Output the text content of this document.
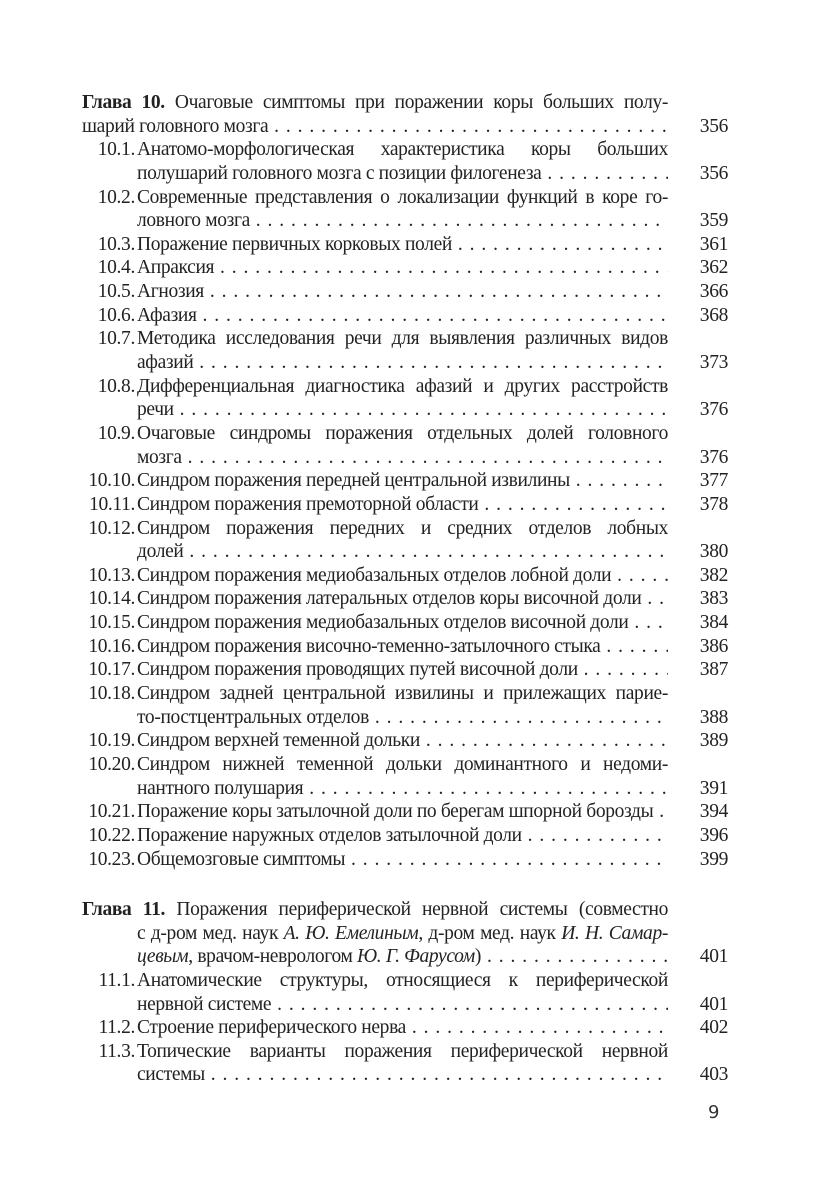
Глава 10. Очаговые симптомы при поражении коры больших полу-
шарий головного мозга . . .	356
10.1. Анатомо-морфологическая характеристика коры больших
полушарий головного мозга с позиции филогенеза . . .	356
10.2. Современные представления о локализации функций в коре го-
ловного мозга . . .	359
10.3. Поражение первичных корковых полей . . .	361
10.4. Апраксия . . .	362
10.5. Агнозия . . .	366
10.6. Афазия . . .	368
10.7. Методика исследования речи для выявления различных видов
афазий . . .	373
10.8. Дифференциальная диагностика афазий и других расстройств
речи . . .	376
10.9. Очаговые синдромы поражения отдельных долей головного
мозга . . .	376
10.10. Синдром поражения передней центральной извилины . . .	377
10.11. Синдром поражения премоторной области . . .	378
10.12. Синдром поражения передних и средних отделов лобных
долей . . .	380
10.13. Синдром поражения медиобазальных отделов лобной доли . . .	382
10.14. Синдром поражения латеральных отделов коры височной доли . . .	383
10.15. Синдром поражения медиобазальных отделов височной доли . . .	384
10.16. Синдром поражения височно-теменно-затылочного стыка . . .	386
10.17. Синдром поражения проводящих путей височной доли . . .	387
10.18. Синдром задней центральной извилины и прилежащих парие-
то-постцентральных отделов . . .	388
10.19. Синдром верхней теменной дольки . . .	389
10.20. Синдром нижней теменной дольки доминантного и недоми-
нантного полушария . . .	391
10.21. Поражение коры затылочной доли по берегам шпорной борозды . . .	394
10.22. Поражение наружных отделов затылочной доли . . .	396
10.23. Общемозговые симптомы . . .	399
Глава 11. Поражения периферической нервной системы (совместно
с д-ром мед. наук А. Ю. Емелиным, д-ром мед. наук И. Н. Самар-
цевым, врачом-неврологом Ю. Г. Фарусом) . . .	401
11.1. Анатомические структуры, относящиеся к периферической
нервной системе . . .	401
11.2. Строение периферического нерва . . .	402
11.3. Топические варианты поражения периферической нервной
системы . . .	403
9
